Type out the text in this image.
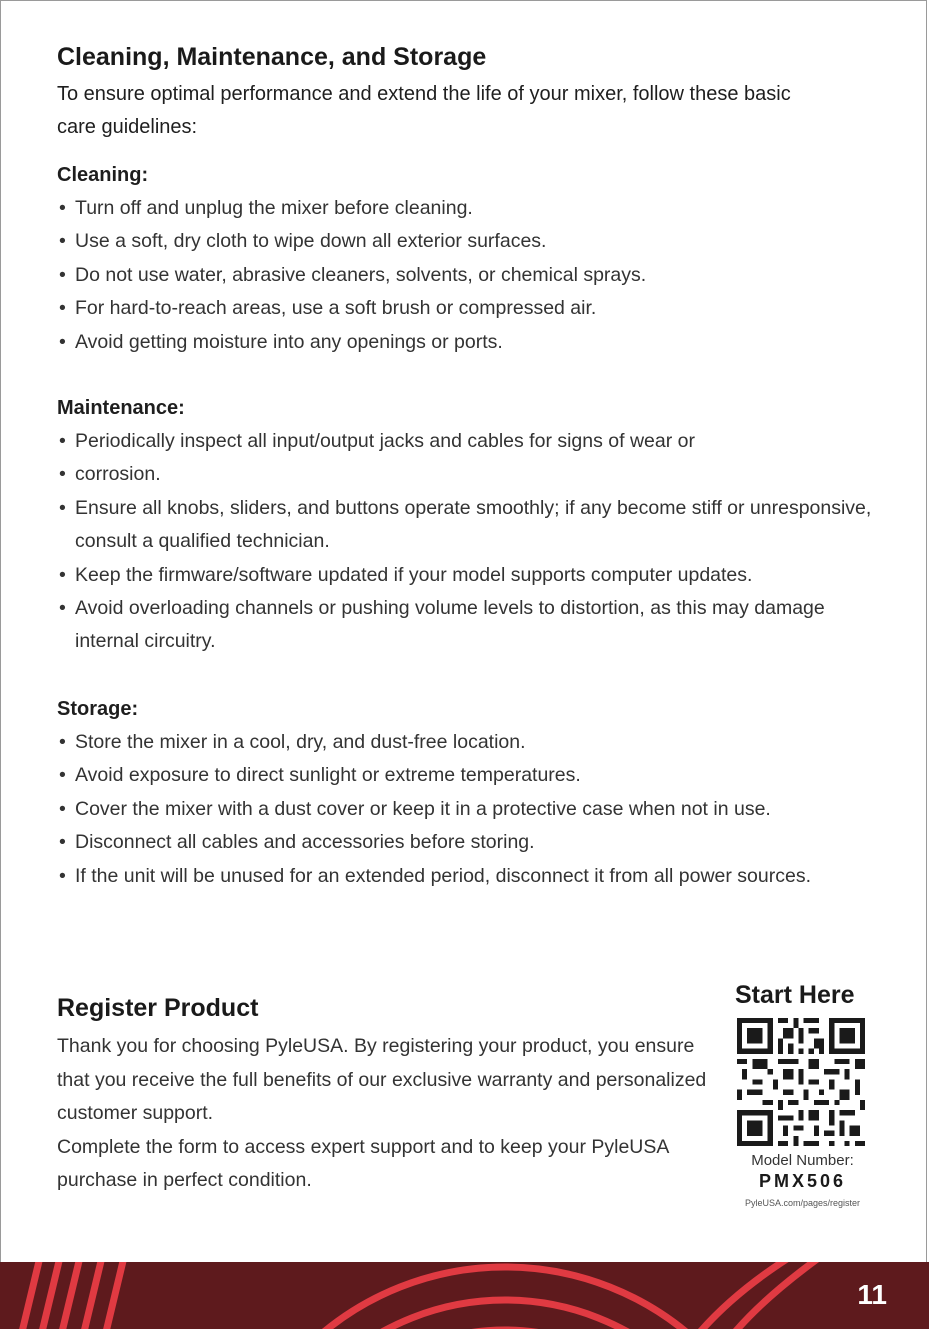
Cleaning, Maintenance, and Storage

To ensure optimal performance and extend the life of your mixer, follow these basic care guidelines:

Cleaning:
• Turn off and unplug the mixer before cleaning.
• Use a soft, dry cloth to wipe down all exterior surfaces.
• Do not use water, abrasive cleaners, solvents, or chemical sprays.
• For hard-to-reach areas, use a soft brush or compressed air.
• Avoid getting moisture into any openings or ports.
Maintenance:
• Periodically inspect all input/output jacks and cables for signs of wear or
• corrosion.
• Ensure all knobs, sliders, and buttons operate smoothly; if any become stiff or unresponsive, consult a qualified technician.
• Keep the firmware/software updated if your model supports computer updates.
• Avoid overloading channels or pushing volume levels to distortion, as this may damage internal circuitry.
Storage:
• Store the mixer in a cool, dry, and dust-free location.
• Avoid exposure to direct sunlight or extreme temperatures.
• Cover the mixer with a dust cover or keep it in a protective case when not in use.
• Disconnect all cables and accessories before storing.
• If the unit will be unused for an extended period, disconnect it from all power sources.
Register Product

Thank you for choosing PyleUSA. By registering your product, you ensure that you receive the full benefits of our exclusive warranty and personalized customer support.

Complete the form to access expert support and to keep your PyleUSA purchase in perfect condition.

Start Here
Model Number:
PMX506
PyleUSA.com/pages/register
11
